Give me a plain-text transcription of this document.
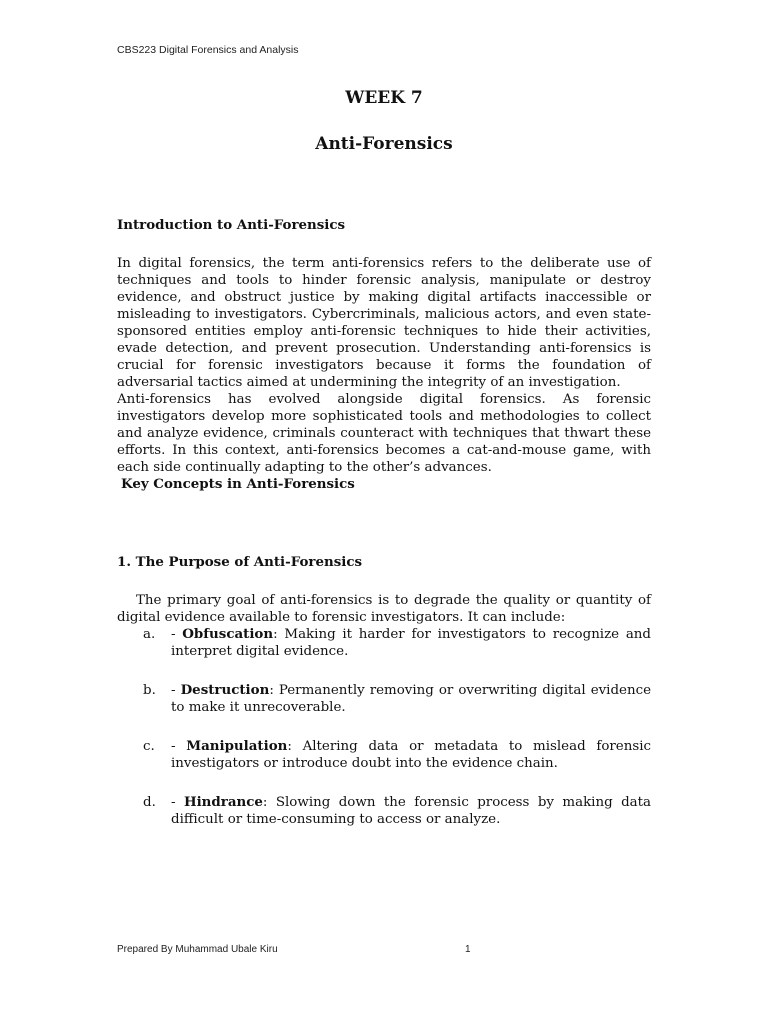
CBS223 Digital Forensics and Analysis
WEEK 7
Anti-Forensics

Introduction to Anti-Forensics

In digital forensics, the term anti-forensics refers to the deliberate use of techniques and tools to hinder forensic analysis, manipulate or destroy evidence, and obstruct justice by making digital artifacts inaccessible or misleading to investigators. Cybercriminals, malicious actors, and even state-sponsored entities employ anti-forensic techniques to hide their activities, evade detection, and prevent prosecution. Understanding anti-forensics is crucial for forensic investigators because it forms the foundation of adversarial tactics aimed at undermining the integrity of an investigation.

Anti-forensics has evolved alongside digital forensics. As forensic investigators develop more sophisticated tools and methodologies to collect and analyze evidence, criminals counteract with techniques that thwart these efforts. In this context, anti-forensics becomes a cat-and-mouse game, with each side continually adapting to the other’s advances.

Key Concepts in Anti-Forensics

1. The Purpose of Anti-Forensics

The primary goal of anti-forensics is to degrade the quality or quantity of digital evidence available to forensic investigators. It can include:

a. - Obfuscation: Making it harder for investigators to recognize and interpret digital evidence.
b. - Destruction: Permanently removing or overwriting digital evidence to make it unrecoverable.
c. - Manipulation: Altering data or metadata to mislead forensic investigators or introduce doubt into the evidence chain.
d. - Hindrance: Slowing down the forensic process by making data difficult or time-consuming to access or analyze.
Prepared By Muhammad Ubale Kiru	1
